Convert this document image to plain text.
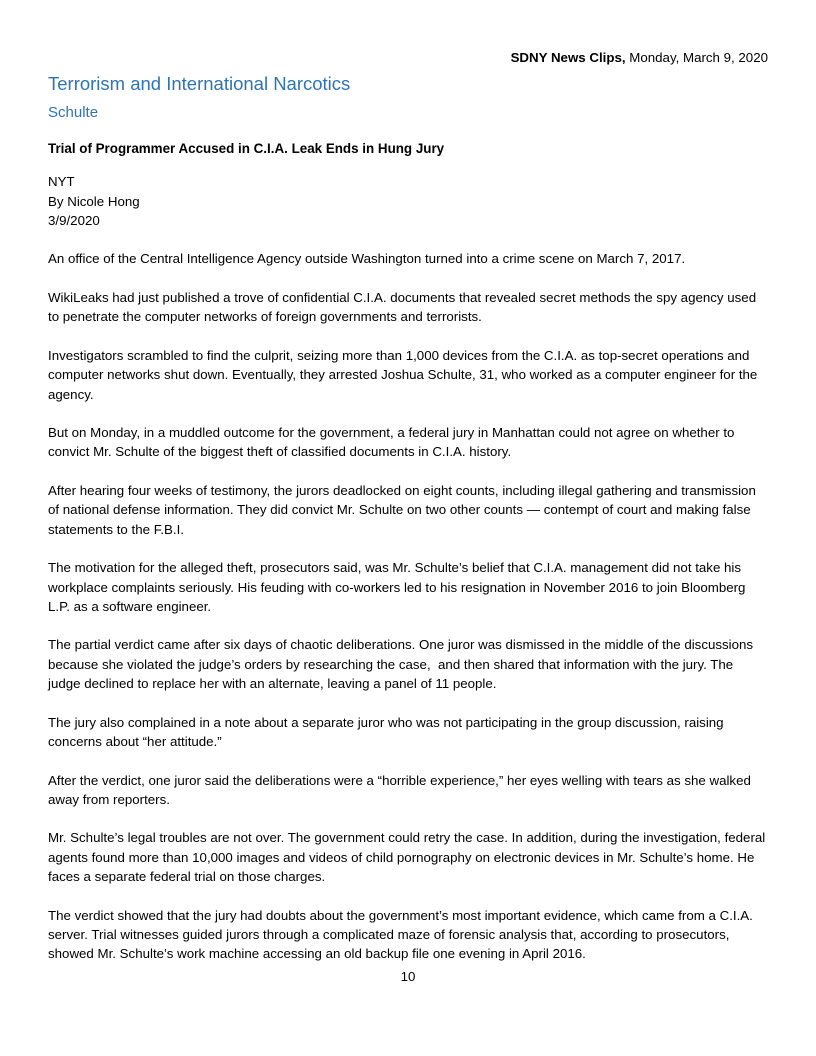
SDNY News Clips, Monday, March 9, 2020
Terrorism and International Narcotics
Schulte
Trial of Programmer Accused in C.I.A. Leak Ends in Hung Jury
NYT
By Nicole Hong
3/9/2020

An office of the Central Intelligence Agency outside Washington turned into a crime scene on March 7, 2017.

WikiLeaks had just published a trove of confidential C.I.A. documents that revealed secret methods the spy agency used to penetrate the computer networks of foreign governments and terrorists.

Investigators scrambled to find the culprit, seizing more than 1,000 devices from the C.I.A. as top-secret operations and computer networks shut down. Eventually, they arrested Joshua Schulte, 31, who worked as a computer engineer for the agency.

But on Monday, in a muddled outcome for the government, a federal jury in Manhattan could not agree on whether to convict Mr. Schulte of the biggest theft of classified documents in C.I.A. history.

After hearing four weeks of testimony, the jurors deadlocked on eight counts, including illegal gathering and transmission of national defense information. They did convict Mr. Schulte on two other counts — contempt of court and making false statements to the F.B.I.

The motivation for the alleged theft, prosecutors said, was Mr. Schulte’s belief that C.I.A. management did not take his workplace complaints seriously. His feuding with co-workers led to his resignation in November 2016 to join Bloomberg L.P. as a software engineer.

The partial verdict came after six days of chaotic deliberations. One juror was dismissed in the middle of the discussions because she violated the judge’s orders by researching the case,  and then shared that information with the jury. The judge declined to replace her with an alternate, leaving a panel of 11 people.

The jury also complained in a note about a separate juror who was not participating in the group discussion, raising concerns about “her attitude.”

After the verdict, one juror said the deliberations were a “horrible experience,” her eyes welling with tears as she walked away from reporters.

Mr. Schulte’s legal troubles are not over. The government could retry the case. In addition, during the investigation, federal agents found more than 10,000 images and videos of child pornography on electronic devices in Mr. Schulte’s home. He faces a separate federal trial on those charges.

The verdict showed that the jury had doubts about the government’s most important evidence, which came from a C.I.A. server. Trial witnesses guided jurors through a complicated maze of forensic analysis that, according to prosecutors, showed Mr. Schulte’s work machine accessing an old backup file one evening in April 2016.

10
